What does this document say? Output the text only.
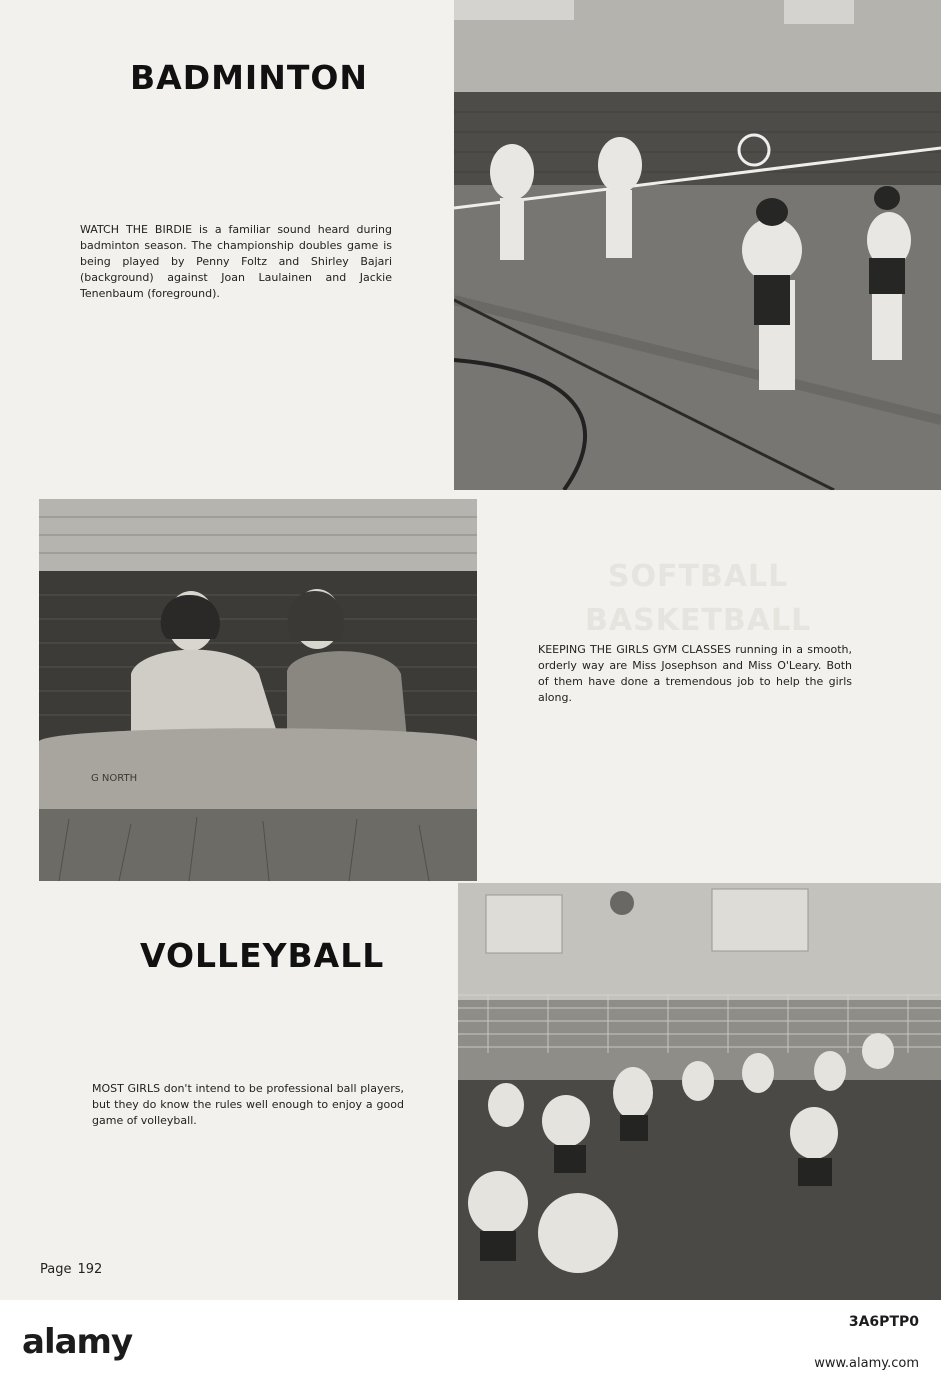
SOFTBALL
BASKETBALL
BADMINTON

WATCH THE BIRDIE is a familiar sound heard during badminton season. The championship doubles game is being played by Penny Foltz and Shirley Bajari (background) against Joan Laulainen and Jackie Tenenbaum (foreground).

G NORTH

KEEPING THE GIRLS GYM CLASSES running in a smooth, orderly way are Miss Josephson and Miss O'Leary. Both of them have done a tremendous job to help the girls along.

VOLLEYBALL

MOST GIRLS don't intend to be professional ball players, but they do know the rules well enough to enjoy a good game of volleyball.

Page 192
alamy	3A6PTP0
www.alamy.com
